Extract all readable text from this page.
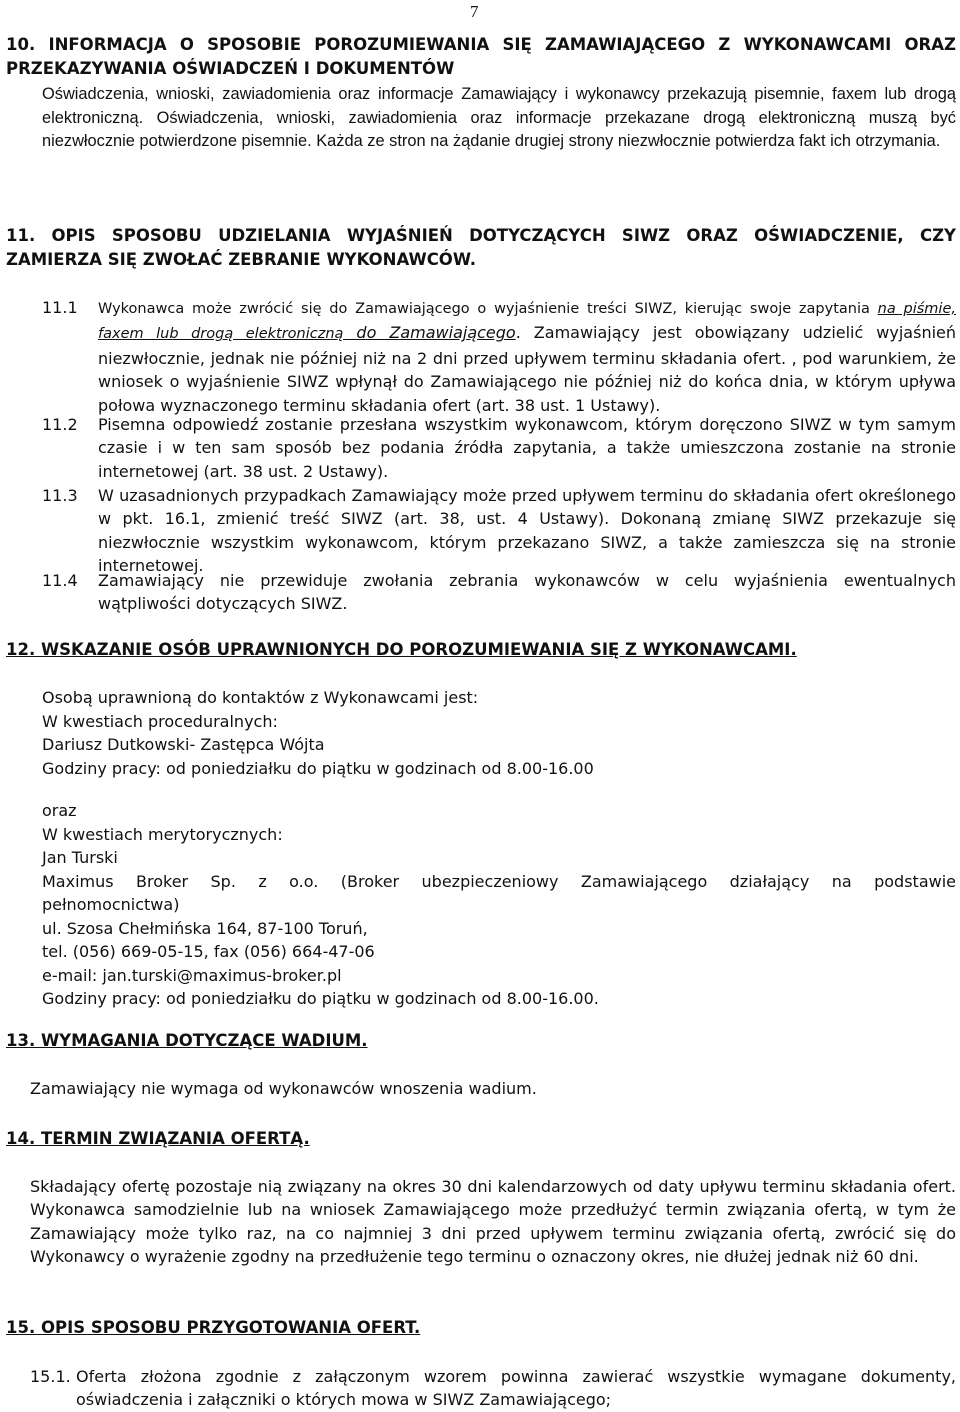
7
10. INFORMACJA O SPOSOBIE POROZUMIEWANIA SIĘ ZAMAWIAJĄCEGO Z WYKONAWCAMI ORAZ PRZEKAZYWANIA OŚWIADCZEŃ I DOKUMENTÓW
Oświadczenia, wnioski, zawiadomienia oraz informacje Zamawiający i wykonawcy przekazują pisemnie, faxem lub drogą elektroniczną. Oświadczenia, wnioski, zawiadomienia oraz informacje przekazane drogą elektroniczną muszą być niezwłocznie potwierdzone pisemnie. Każda ze stron na żądanie drugiej strony niezwłocznie potwierdza fakt ich otrzymania.
11. OPIS SPOSOBU UDZIELANIA WYJAŚNIEŃ DOTYCZĄCYCH SIWZ ORAZ OŚWIADCZENIE, CZY ZAMIERZA SIĘ ZWOŁAĆ ZEBRANIE WYKONAWCÓW.
11.1 Wykonawca może zwrócić się do Zamawiającego o wyjaśnienie treści SIWZ, kierując swoje zapytania na piśmie, faxem lub drogą elektroniczną do Zamawiającego. Zamawiający jest obowiązany udzielić wyjaśnień niezwłocznie, jednak nie później niż na 2 dni przed upływem terminu składania ofert. , pod warunkiem, że wniosek o wyjaśnienie SIWZ wpłynął do Zamawiającego nie później niż do końca dnia, w którym upływa połowa wyznaczonego terminu składania ofert (art. 38 ust. 1 Ustawy).
11.2 Pisemna odpowiedź zostanie przesłana wszystkim wykonawcom, którym doręczono SIWZ w tym samym czasie i w ten sam sposób bez podania źródła zapytania, a także umieszczona zostanie na stronie internetowej (art. 38 ust. 2 Ustawy).
11.3 W uzasadnionych przypadkach Zamawiający może przed upływem terminu do składania ofert określonego w pkt. 16.1, zmienić treść SIWZ (art. 38, ust. 4 Ustawy). Dokonaną zmianę SIWZ przekazuje się niezwłocznie wszystkim wykonawcom, którym przekazano SIWZ, a także zamieszcza się na stronie internetowej.
11.4 Zamawiający nie przewiduje zwołania zebrania wykonawców w celu wyjaśnienia ewentualnych wątpliwości dotyczących SIWZ.
12. WSKAZANIE OSÓB UPRAWNIONYCH DO POROZUMIEWANIA SIĘ Z WYKONAWCAMI.
Osobą uprawnioną do kontaktów z Wykonawcami jest:
W kwestiach proceduralnych:
Dariusz Dutkowski- Zastępca Wójta
Godziny pracy: od poniedziałku do piątku w godzinach od 8.00-16.00
oraz
W kwestiach merytorycznych:
Jan Turski
Maximus Broker Sp. z o.o. (Broker ubezpieczeniowy Zamawiającego działający na podstawie
pełnomocnictwa)
ul. Szosa Chełmińska 164, 87-100 Toruń,
tel. (056) 669-05-15, fax (056) 664-47-06
e-mail: jan.turski@maximus-broker.pl
Godziny pracy: od poniedziałku do piątku w godzinach od 8.00-16.00.
13. WYMAGANIA DOTYCZĄCE WADIUM.
Zamawiający nie wymaga od wykonawców wnoszenia wadium.
14. TERMIN ZWIĄZANIA OFERTĄ.
Składający ofertę pozostaje nią związany na okres 30 dni kalendarzowych od daty upływu terminu składania ofert. Wykonawca samodzielnie lub na wniosek Zamawiającego może przedłużyć termin związania ofertą, w tym że Zamawiający może tylko raz, na co najmniej 3 dni przed upływem terminu związania ofertą, zwrócić się do Wykonawcy o wyrażenie zgodny na przedłużenie tego terminu o oznaczony okres, nie dłużej jednak niż 60 dni.
15. OPIS SPOSOBU PRZYGOTOWANIA OFERT.
15.1. Oferta złożona zgodnie z załączonym wzorem powinna zawierać wszystkie wymagane dokumenty, oświadczenia i załączniki o których mowa w SIWZ Zamawiającego;
